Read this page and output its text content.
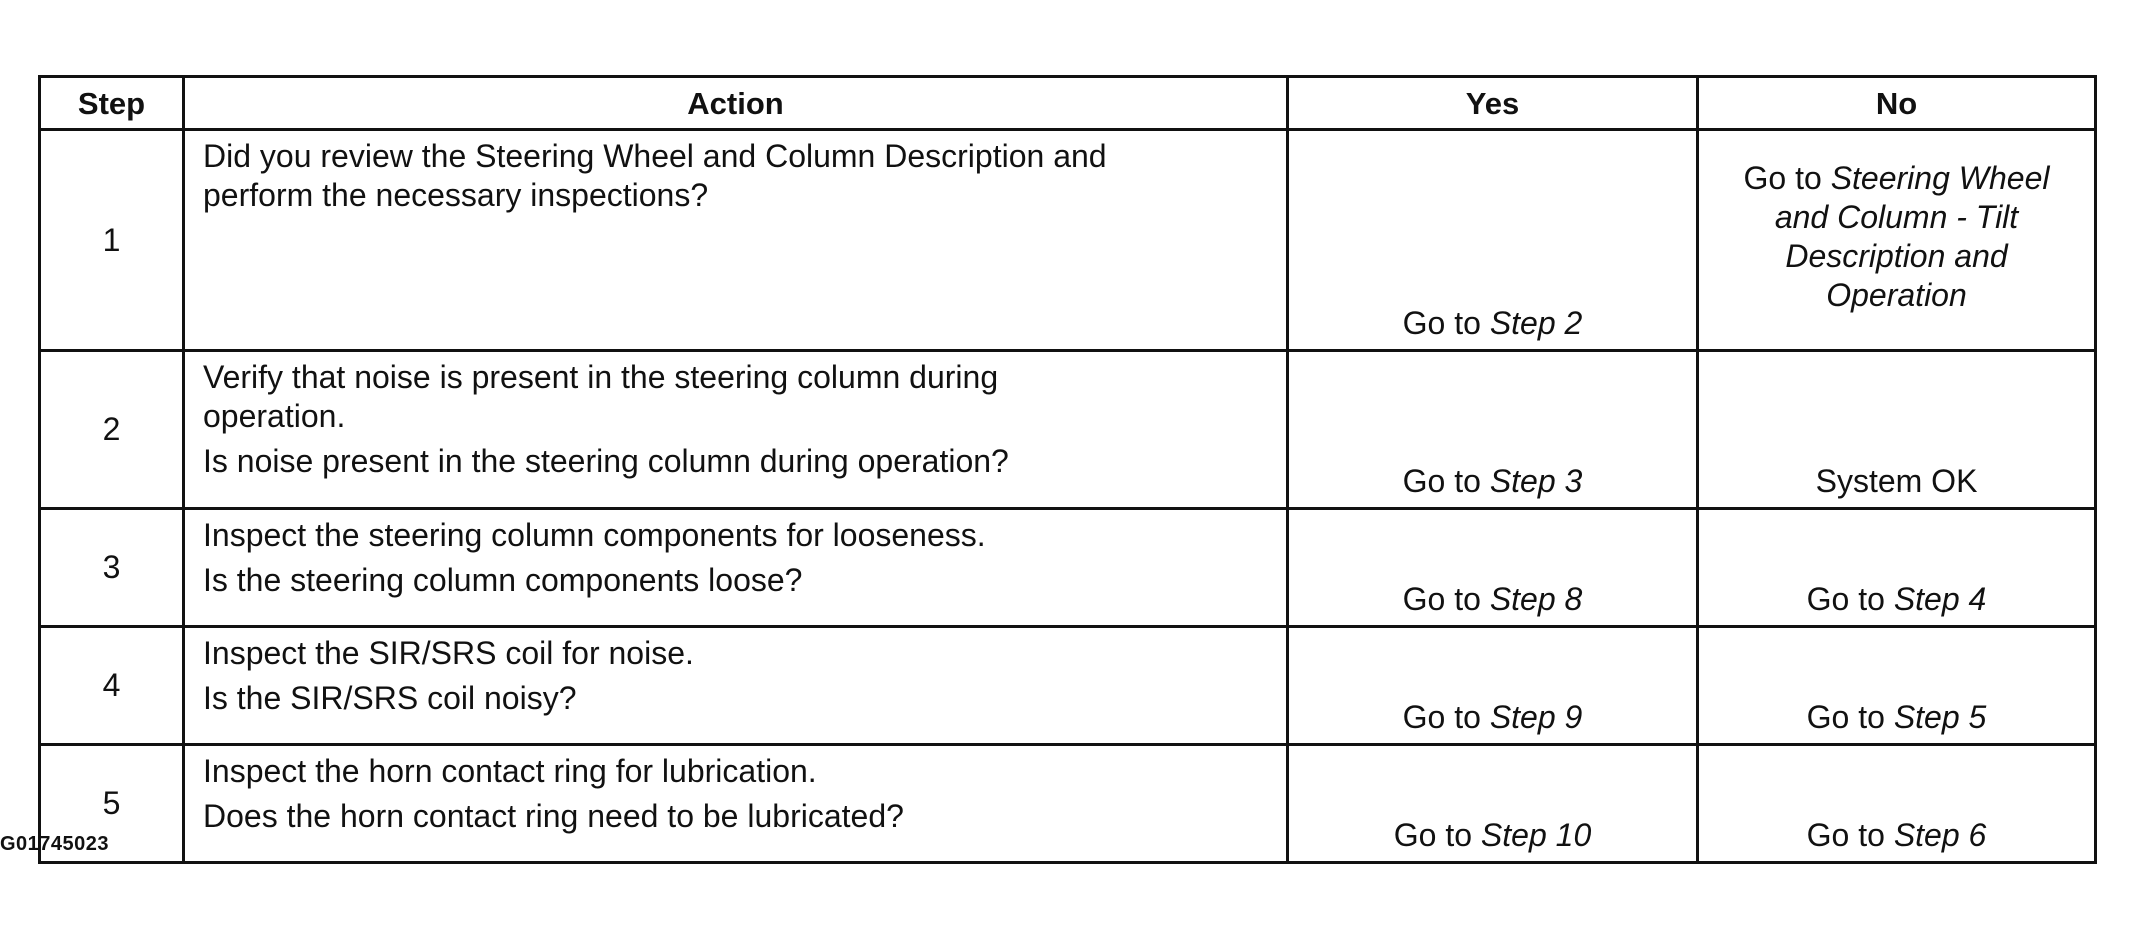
Step	Action	Yes	No
1	Did you review the Steering Wheel and Column Description and
perform the necessary inspections?	Go to Step 2	Go to Steering Wheel and Column - Tilt Description and Operation

2	Verify that noise is present in the steering column during
operation.
Is noise present in the steering column during operation?	Go to Step 3	System OK
3	Inspect the steering column components for looseness.
Is the steering column components loose?	Go to Step 8	Go to Step 4
4	Inspect the SIR/SRS coil for noise.
Is the SIR/SRS coil noisy?	Go to Step 9	Go to Step 5
5	Inspect the horn contact ring for lubrication.
Does the horn contact ring need to be lubricated?	Go to Step 10	Go to Step 6
G01745023
